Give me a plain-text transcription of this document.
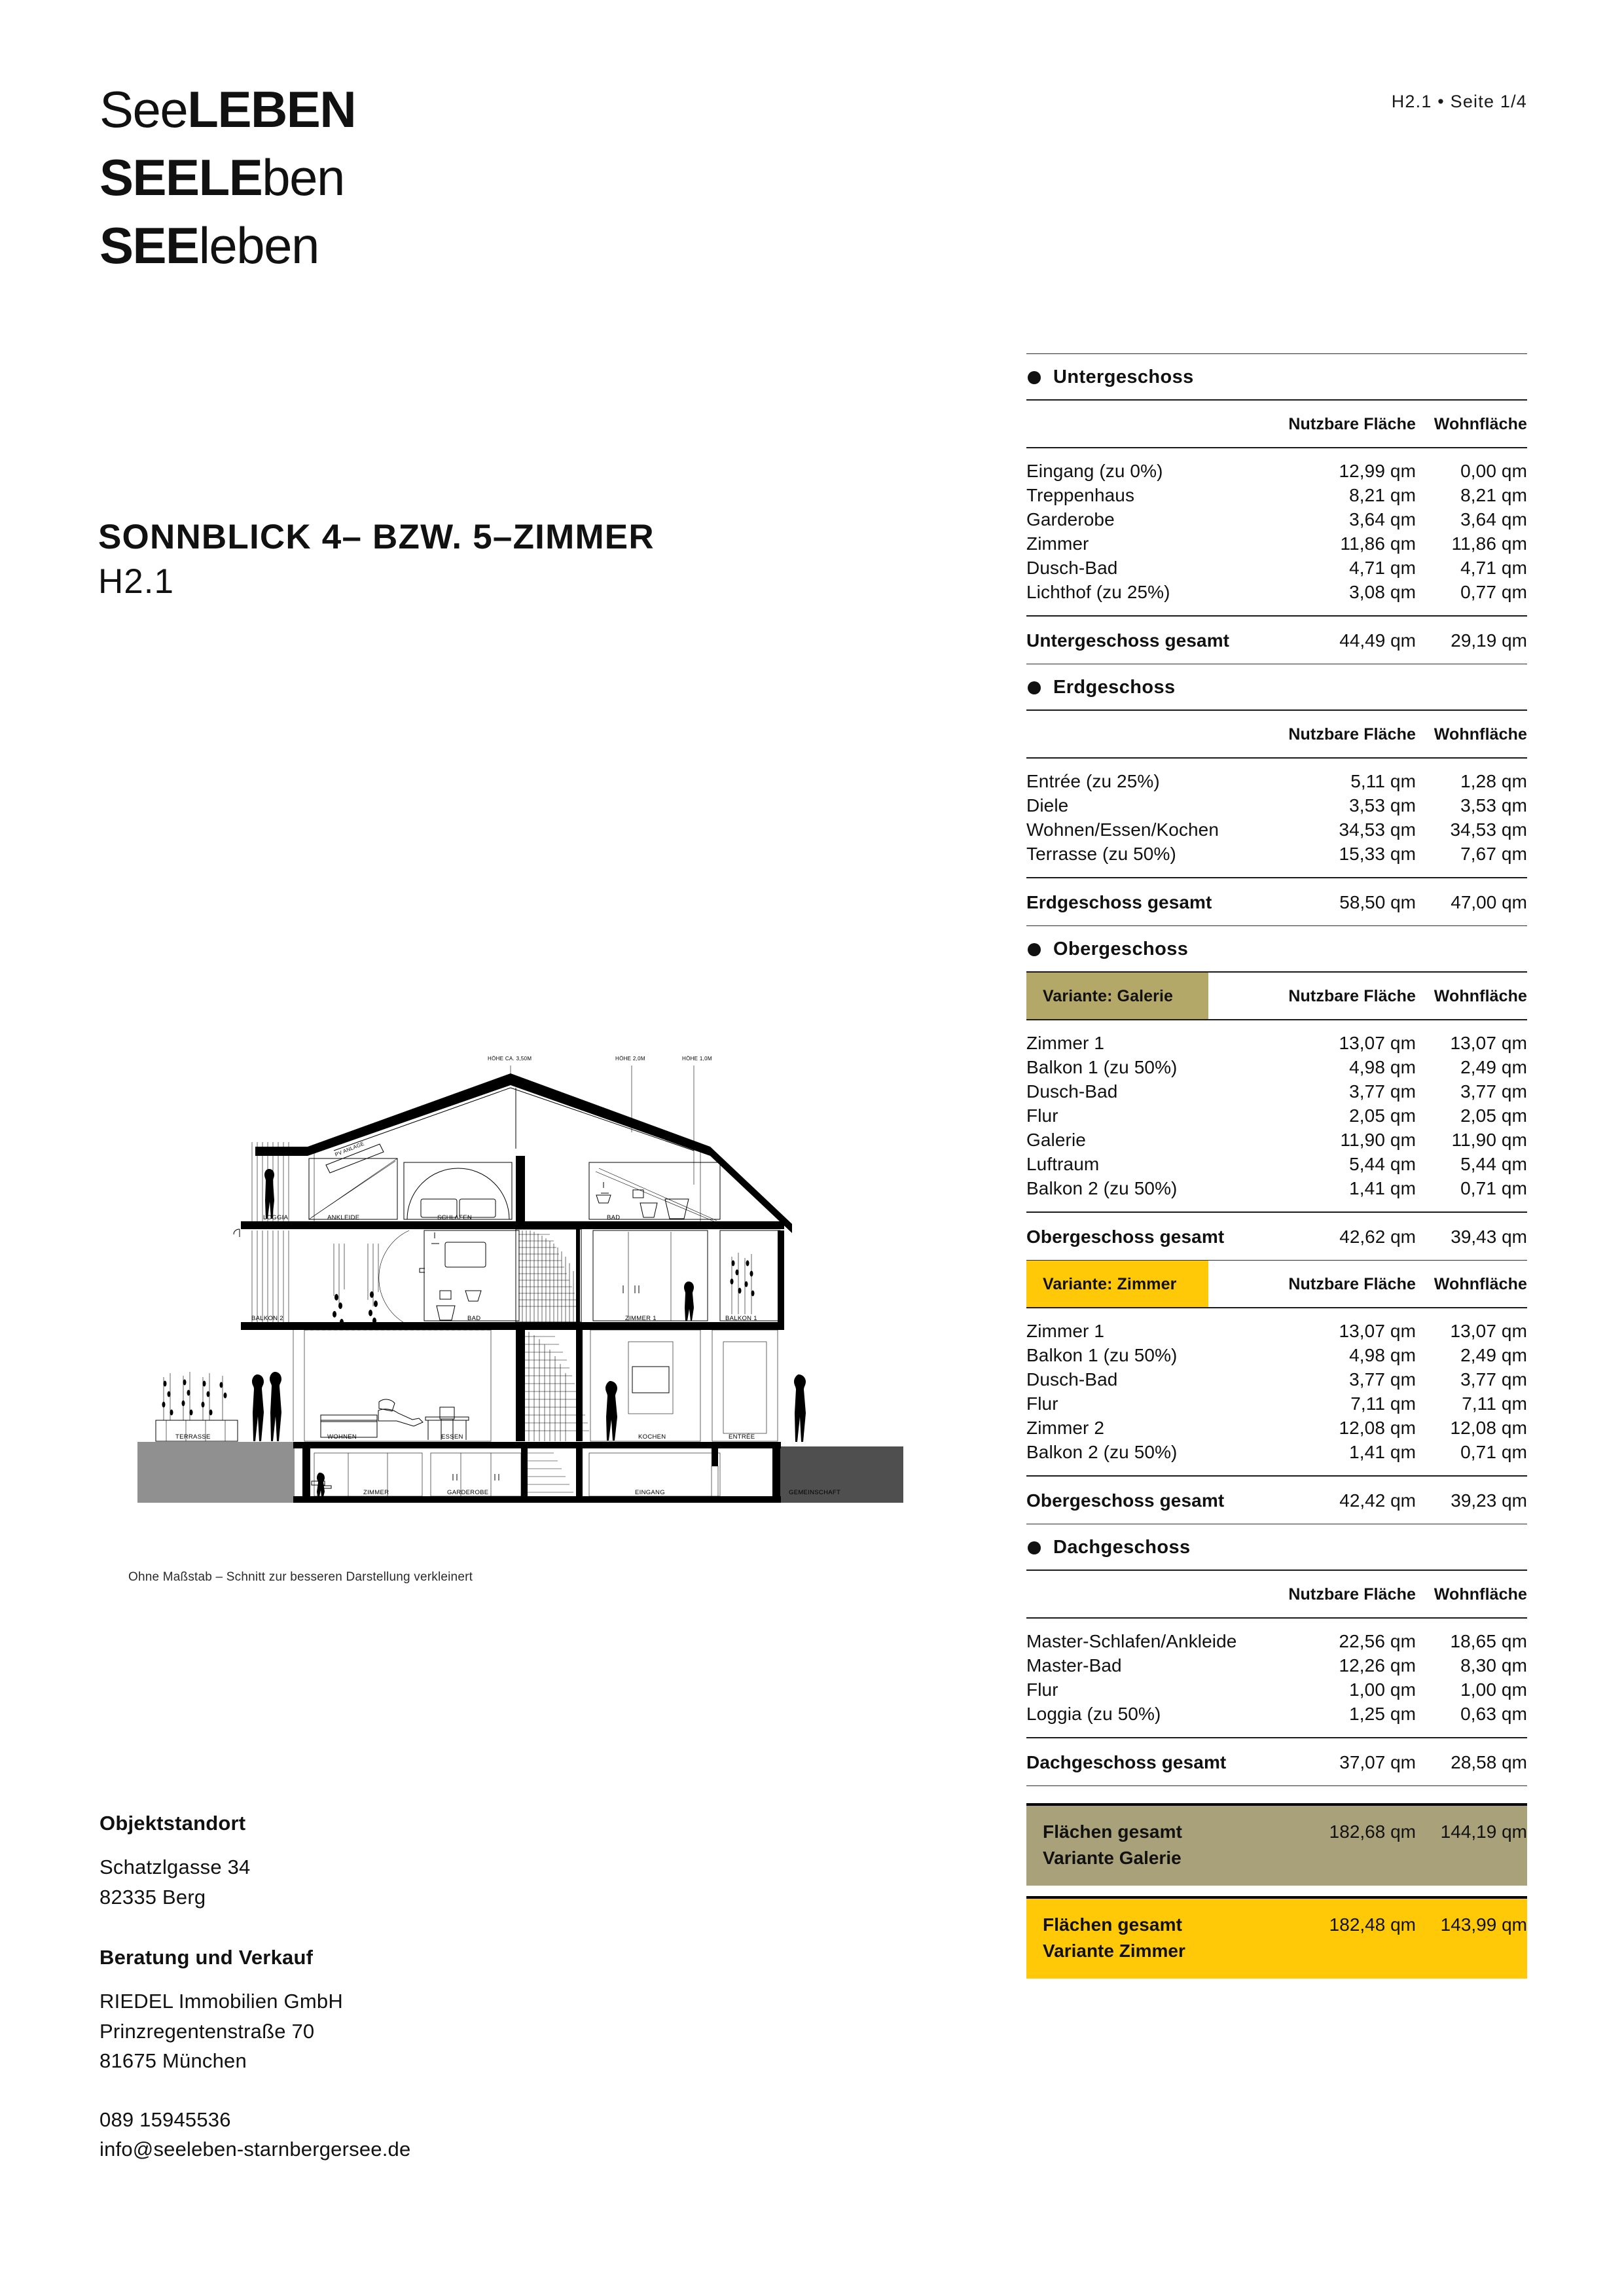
H2.1 • Seite 1/4
SeeLEBEN
SEELEben
SEEleben
SONNBLICK 4– BZW. 5–ZIMMER
H2.1
PV ANLAGE
HÖHE CA. 3,50M	HÖHE 2,0M	HÖHE 1,0M
LOGGIA	ANKLEIDE	SCHLAFEN	BAD
BALKON 2	BAD	ZIMMER 1	BALKON 1
TERRASSE	WOHNEN	ESSEN	KOCHEN	ENTRÉE
ZIMMER	GARDEROBE	EINGANG	GEMEINSCHAFT
Ohne Maßstab – Schnitt zur besseren Darstellung verkleinert
Untergeschoss
	Nutzbare Fläche	Wohnfläche
Eingang (zu 0%)	12,99 qm	0,00 qm
Treppenhaus	8,21 qm	8,21 qm
Garderobe	3,64 qm	3,64 qm
Zimmer	11,86 qm	11,86 qm
Dusch-Bad	4,71 qm	4,71 qm
Lichthof (zu 25%)	3,08 qm	0,77 qm
Untergeschoss gesamt	44,49 qm	29,19 qm
Erdgeschoss
	Nutzbare Fläche	Wohnfläche
Entrée (zu 25%)	5,11 qm	1,28 qm
Diele	3,53 qm	3,53 qm
Wohnen/Essen/Kochen	34,53 qm	34,53 qm
Terrasse (zu 50%)	15,33 qm	7,67 qm
Erdgeschoss gesamt	58,50 qm	47,00 qm
Obergeschoss
Variante: Galerie	Nutzbare Fläche	Wohnfläche
Zimmer 1	13,07 qm	13,07 qm
Balkon 1 (zu 50%)	4,98 qm	2,49 qm
Dusch-Bad	3,77 qm	3,77 qm
Flur	2,05 qm	2,05 qm
Galerie	11,90 qm	11,90 qm
Luftraum	5,44 qm	5,44 qm
Balkon 2 (zu 50%)	1,41 qm	0,71 qm
Obergeschoss gesamt	42,62 qm	39,43 qm
Variante: Zimmer	Nutzbare Fläche	Wohnfläche
Zimmer 1	13,07 qm	13,07 qm
Balkon 1 (zu 50%)	4,98 qm	2,49 qm
Dusch-Bad	3,77 qm	3,77 qm
Flur	7,11 qm	7,11 qm
Zimmer 2	12,08 qm	12,08 qm
Balkon 2 (zu 50%)	1,41 qm	0,71 qm
Obergeschoss gesamt	42,42 qm	39,23 qm
Dachgeschoss
	Nutzbare Fläche	Wohnfläche
Master-Schlafen/Ankleide	22,56 qm	18,65 qm
Master-Bad	12,26 qm	8,30 qm
Flur	1,00 qm	1,00 qm
Loggia (zu 50%)	1,25 qm	0,63 qm
Dachgeschoss gesamt	37,07 qm	28,58 qm
Flächen gesamt	182,68 qm	144,19 qm
Variante Galerie
Flächen gesamt	182,48 qm	143,99 qm
Variante Zimmer
Objektstandort
Schatzlgasse 34
82335 Berg
Beratung und Verkauf
RIEDEL Immobilien GmbH
Prinzregentenstraße 70
81675 München
089 15945536
info@seeleben-starnbergersee.de
